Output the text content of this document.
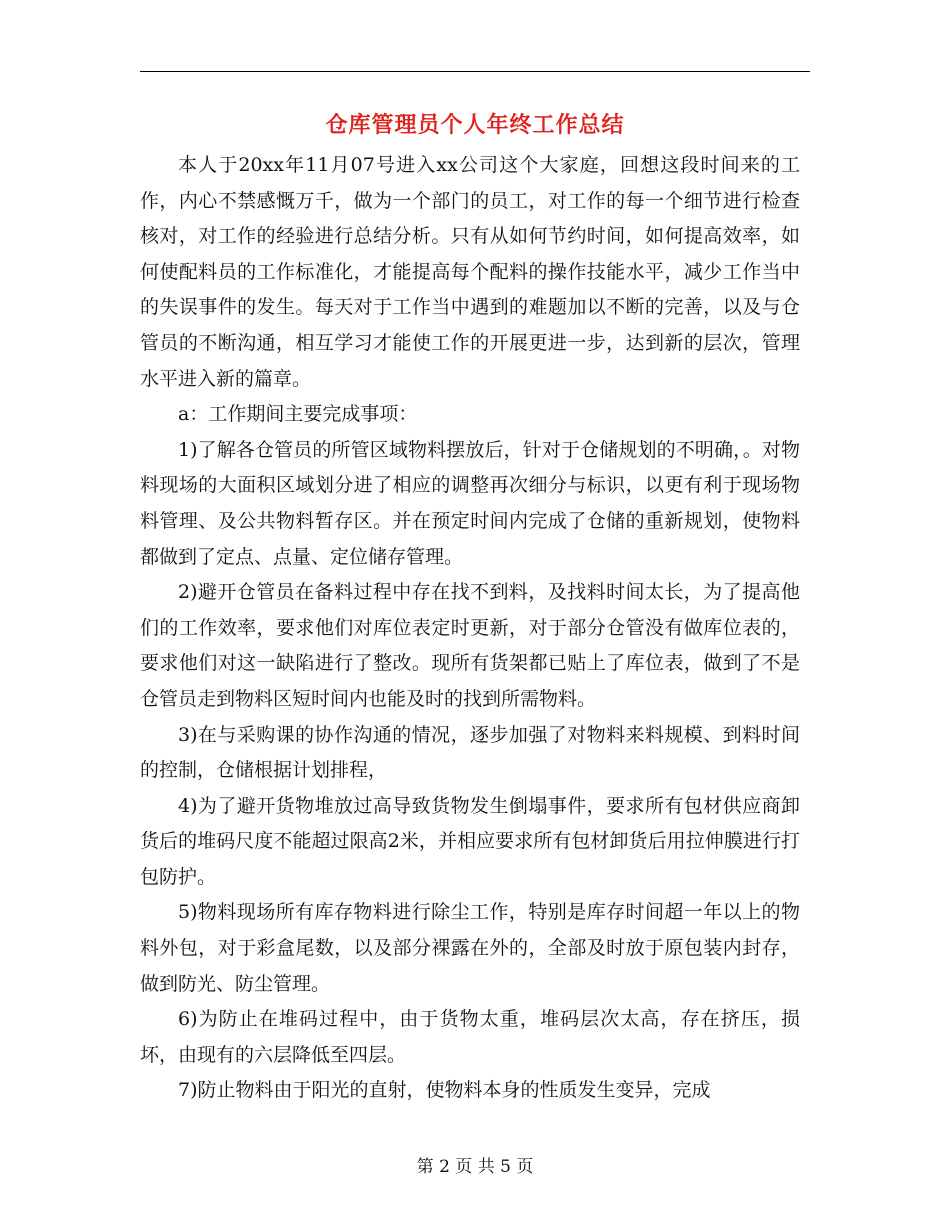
仓库管理员个人年终工作总结

本人于20xx年11月07号进入xx公司这个大家庭，回想这段时间来的工作，内心不禁感慨万千，做为一个部门的员工，对工作的每一个细节进行检查核对，对工作的经验进行总结分析。只有从如何节约时间，如何提高效率，如何使配料员的工作标准化，才能提高每个配料的操作技能水平，减少工作当中的失误事件的发生。每天对于工作当中遇到的难题加以不断的完善，以及与仓管员的不断沟通，相互学习才能使工作的开展更进一步，达到新的层次，管理水平进入新的篇章。

a：工作期间主要完成事项：

1)了解各仓管员的所管区域物料摆放后，针对于仓储规划的不明确，。对物料现场的大面积区域划分进了相应的调整再次细分与标识，以更有利于现场物料管理、及公共物料暂存区。并在预定时间内完成了仓储的重新规划，使物料都做到了定点、点量、定位储存管理。

2)避开仓管员在备料过程中存在找不到料，及找料时间太长，为了提高他们的工作效率，要求他们对库位表定时更新，对于部分仓管没有做库位表的，要求他们对这一缺陷进行了整改。现所有货架都已贴上了库位表，做到了不是仓管员走到物料区短时间内也能及时的找到所需物料。

3)在与采购课的协作沟通的情况，逐步加强了对物料来料规模、到料时间的控制，仓储根据计划排程，

4)为了避开货物堆放过高导致货物发生倒塌事件，要求所有包材供应商卸货后的堆码尺度不能超过限高2米，并相应要求所有包材卸货后用拉伸膜进行打包防护。

5)物料现场所有库存物料进行除尘工作，特别是库存时间超一年以上的物料外包，对于彩盒尾数，以及部分裸露在外的，全部及时放于原包装内封存，做到防光、防尘管理。

6)为防止在堆码过程中，由于货物太重，堆码层次太高，存在挤压，损坏，由现有的六层降低至四层。

7)防止物料由于阳光的直射，使物料本身的性质发生变异，完成

第 2 页 共 5 页
